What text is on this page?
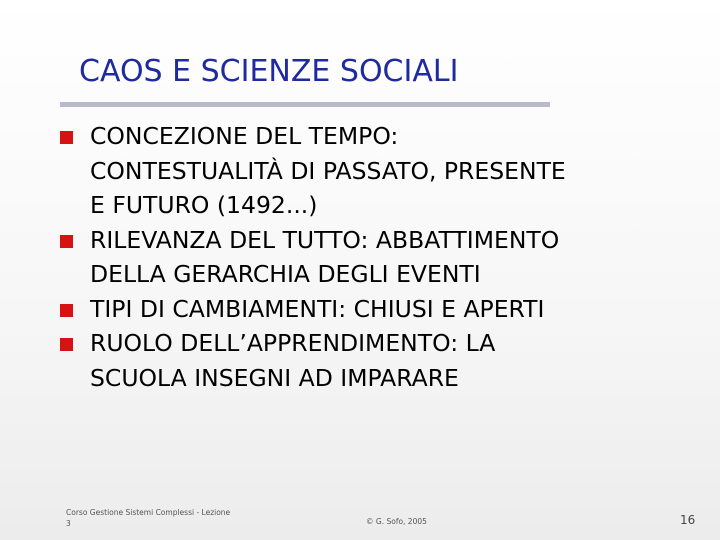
CAOS E SCIENZE SOCIALI
CONCEZIONE DEL TEMPO:
CONTESTUALITÀ DI PASSATO, PRESENTE
E FUTURO (1492...)
RILEVANZA DEL TUTTO: ABBATTIMENTO
DELLA GERARCHIA DEGLI EVENTI
TIPI DI CAMBIAMENTI: CHIUSI E APERTI
RUOLO DELL’APPRENDIMENTO: LA
SCUOLA INSEGNI AD IMPARARE
Corso Gestione Sistemi Complessi - Lezione
3	© G. Sofo, 2005	16
